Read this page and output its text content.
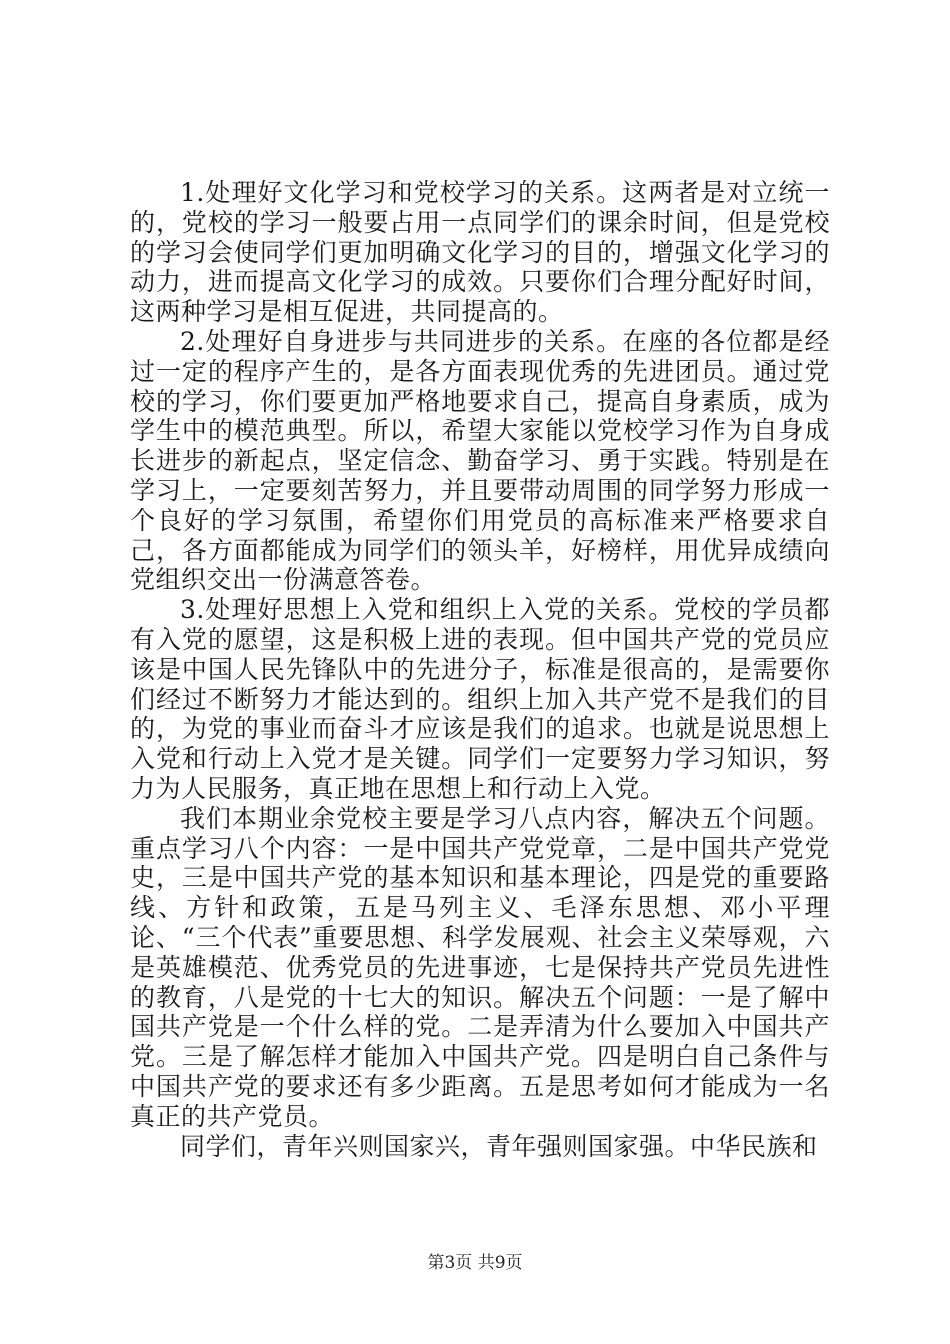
1.处理好文化学习和党校学习的关系。这两者是对立统一的，党校的学习一般要占用一点同学们的课余时间，但是党校的学习会使同学们更加明确文化学习的目的，增强文化学习的动力，进而提高文化学习的成效。只要你们合理分配好时间，这两种学习是相互促进，共同提高的。

2.处理好自身进步与共同进步的关系。在座的各位都是经过一定的程序产生的，是各方面表现优秀的先进团员。通过党校的学习，你们要更加严格地要求自己，提高自身素质，成为学生中的模范典型。所以，希望大家能以党校学习作为自身成长进步的新起点，坚定信念、勤奋学习、勇于实践。特别是在学习上，一定要刻苦努力，并且要带动周围的同学努力形成一个良好的学习氛围，希望你们用党员的高标准来严格要求自己，各方面都能成为同学们的领头羊，好榜样，用优异成绩向党组织交出一份满意答卷。

3.处理好思想上入党和组织上入党的关系。党校的学员都有入党的愿望，这是积极上进的表现。但中国共产党的党员应该是中国人民先锋队中的先进分子，标准是很高的，是需要你们经过不断努力才能达到的。组织上加入共产党不是我们的目的，为党的事业而奋斗才应该是我们的追求。也就是说思想上入党和行动上入党才是关键。同学们一定要努力学习知识，努力为人民服务，真正地在思想上和行动上入党。

我们本期业余党校主要是学习八点内容，解决五个问题。重点学习八个内容：一是中国共产党党章，二是中国共产党党史，三是中国共产党的基本知识和基本理论，四是党的重要路线、方针和政策，五是马列主义、毛泽东思想、邓小平理论、“三个代表”重要思想、科学发展观、社会主义荣辱观，六是英雄模范、优秀党员的先进事迹，七是保持共产党员先进性的教育，八是党的十七大的知识。解决五个问题：一是了解中国共产党是一个什么样的党。二是弄清为什么要加入中国共产党。三是了解怎样才能加入中国共产党。四是明白自己条件与中国共产党的要求还有多少距离。五是思考如何才能成为一名真正的共产党员。

同学们，青年兴则国家兴，青年强则国家强。中华民族和

第3页 共9页
